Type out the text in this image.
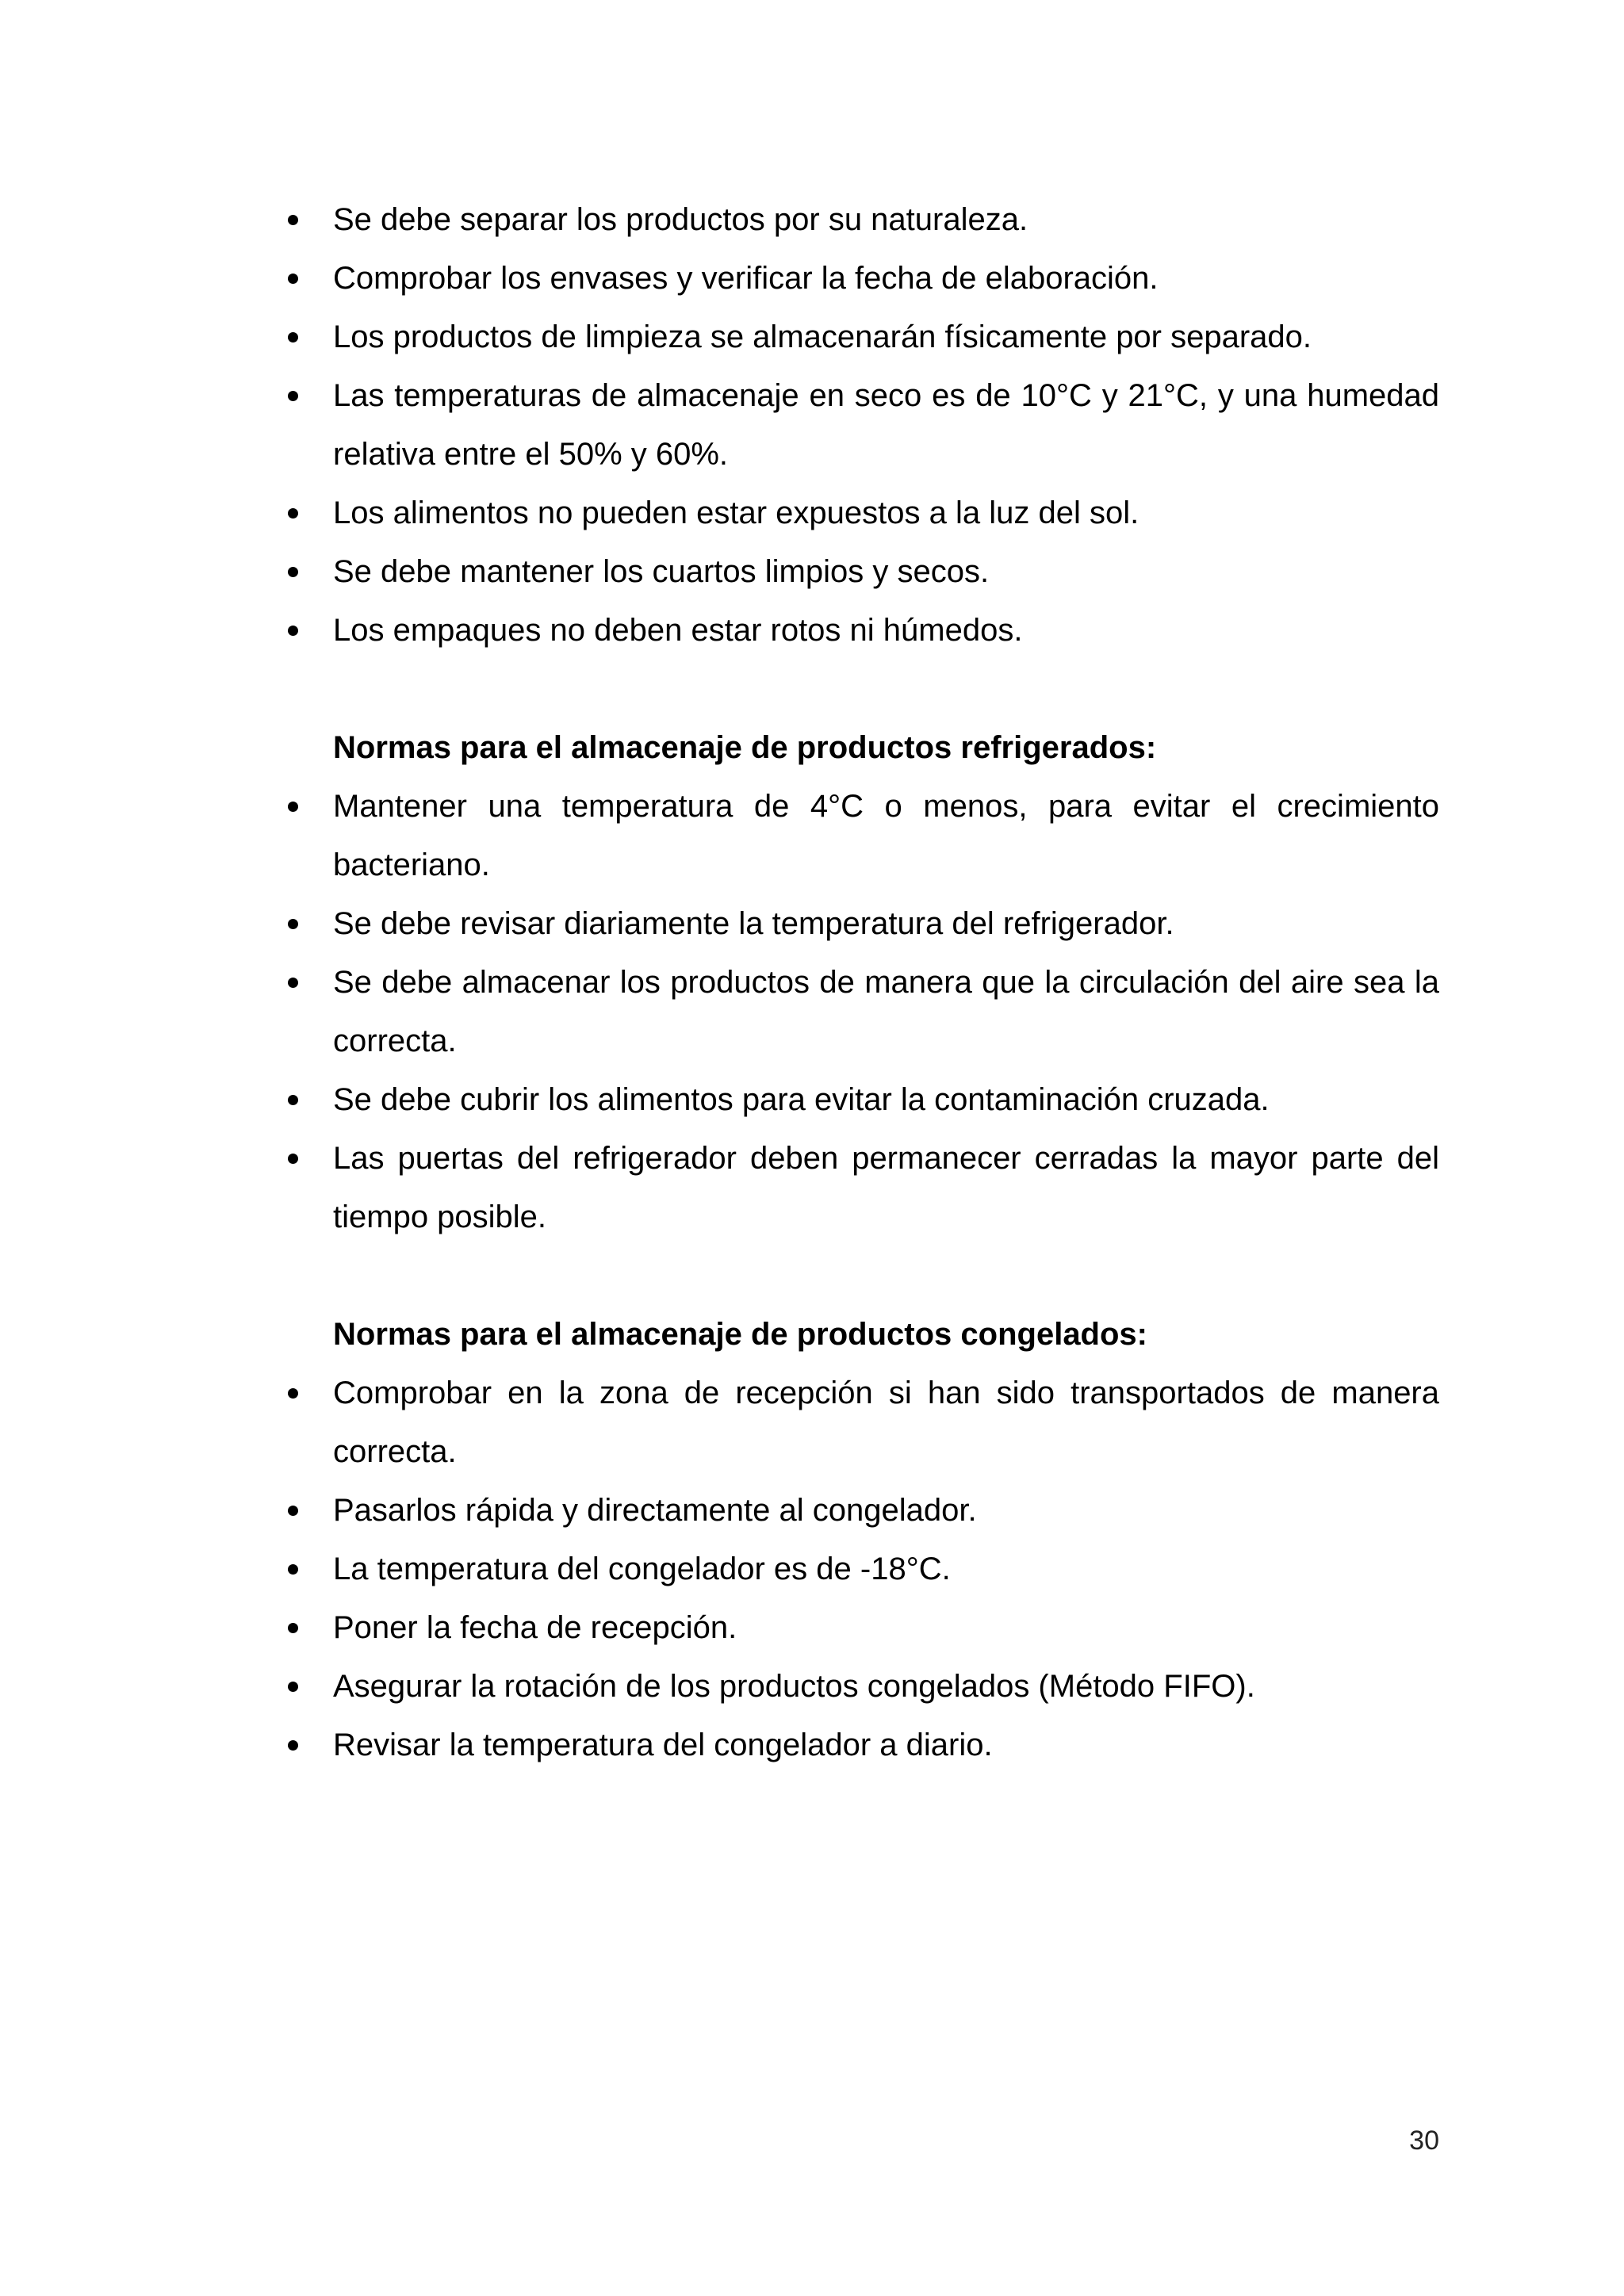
Se debe separar los productos por su naturaleza.
Comprobar los envases y verificar la fecha de elaboración.
Los productos de limpieza se almacenarán físicamente por separado.
Las temperaturas de almacenaje en seco es de 10°C y 21°C, y una humedad relativa entre el 50% y 60%.
Los alimentos no pueden estar expuestos a la luz del sol.
Se debe mantener los cuartos limpios y secos.
Los empaques no deben estar rotos ni húmedos.
Normas para el almacenaje de productos refrigerados:
Mantener una temperatura de 4°C o menos, para evitar el crecimiento bacteriano.
Se debe revisar diariamente la temperatura del refrigerador.
Se debe almacenar los productos de manera que la circulación del aire sea la correcta.
Se debe cubrir los alimentos para evitar la contaminación cruzada.
Las puertas del refrigerador deben permanecer cerradas la mayor parte del tiempo posible.
Normas para el almacenaje de productos congelados:
Comprobar en la zona de recepción si han sido transportados de manera correcta.
Pasarlos rápida y directamente al congelador.
La temperatura del congelador es de -18°C.
Poner la fecha de recepción.
Asegurar la rotación de los productos congelados (Método FIFO).
Revisar la temperatura del congelador a diario.
30
